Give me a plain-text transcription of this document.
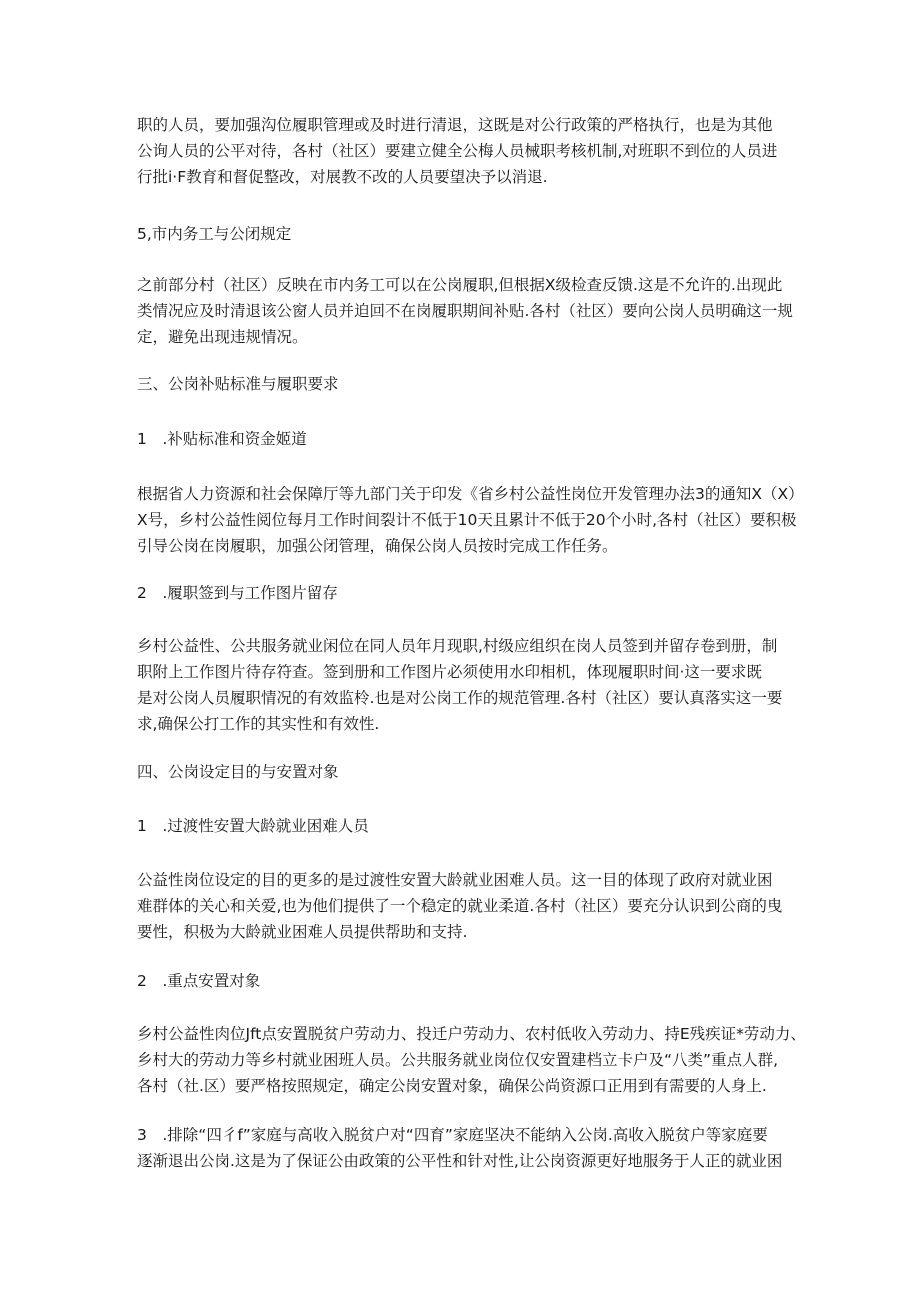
职的人员，要加强沟位履职管理或及时进行清退，这既是对公行政策的严格执行，也是为其他
公询人员的公平对待，各村（社区）要建立健全公梅人员械职考核机制,对班职不到位的人员进
行批i·F教育和督促整改，对展教不改的人员要望决予以消退.
5,市内务工与公闭规定
之前部分村（社区）反映在市内务工可以在公岗履职,但根据X级检查反馈.这是不允许的.出现此
类情况应及时清退该公窗人员并迫回不在岗履职期间补贴.各村（社区）要向公岗人员明确这一规
定，避免出现违规情况。
三、公岗补贴标准与履职要求
1　.补贴标准和资金姬道
根据省人力资源和社会保障厅等九部门关于印发《省乡村公益性岗位开发管理办法3的通知X（X）
X号，乡村公益性阅位每月工作时间裂计不低于10天且累计不低于20个小时,各村（社区）要积极
引导公岗在岗履职，加强公闭管理，确保公岗人员按时完成工作任务。
2　.履职签到与工作图片留存
乡村公益性、公共服务就业闲位在同人员年月现职,村级应组织在岗人员签到并留存卷到册，制
职附上工作图片待存符查。签到册和工作图片必须使用水印相机，体现履职时间·这一要求既
是对公岗人员履职情况的有效监柃.也是对公岗工作的规范管理.各村（社区）要认真落实这一要
求,确保公打工作的其实性和有效性.
四、公岗设定目的与安置对象
1　.过渡性安置大龄就业困难人员
公益性岗位设定的目的更多的是过渡性安置大龄就业困难人员。这一目的体现了政府对就业困
难群体的关心和关爱,也为他们提供了一个稳定的就业柔道.各村（社区）要充分认识到公商的曳
要性，积极为大龄就业困难人员提供帮助和支持.
2　.重点安置对象
乡村公益性肉位Jft点安置脱贫户劳动力、投迁户劳动力、农村低收入劳动力、持E残疾证*劳动力、
乡村大的劳动力等乡村就业困班人员。公共服务就业岗位仅安置建档立卡户及“八类”重点人群,
各村（社.区）要严格按照规定，确定公岗安置对象，确保公尚资源口正用到有需要的人身上.
3　.排除“四彳f”家庭与高收入脱贫户对“四育”家庭坚决不能纳入公岗.高收入脱贫户等家庭要
逐渐退出公岗.这是为了保证公由政策的公平性和针对性,让公岗资源更好地服务于人正的就业困
